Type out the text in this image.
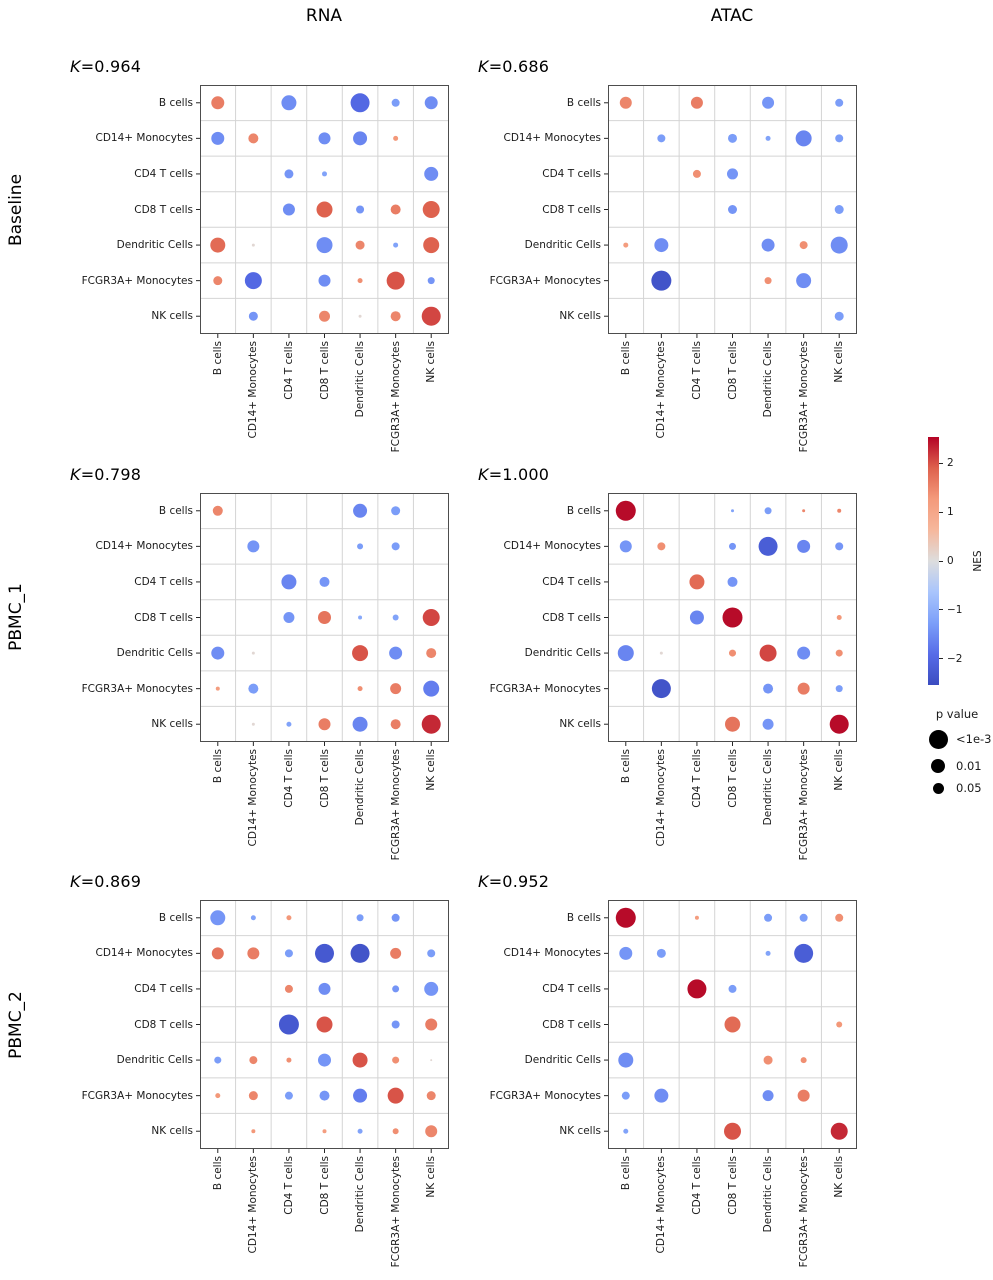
RNA	ATAC
Baseline
PBMC_1
PBMC_2
K=0.964
B cells
CD14+ Monocytes
CD4 T cells
CD8 T cells
Dendritic Cells
FCGR3A+ Monocytes
NK cells
B cells CD14+ Monocytes CD4 T cells CD8 T cells Dendritic Cells FCGR3A+ Monocytes NK cells
K=0.686
B cells
CD14+ Monocytes
CD4 T cells
CD8 T cells
Dendritic Cells
FCGR3A+ Monocytes
NK cells
B cells CD14+ Monocytes CD4 T cells CD8 T cells Dendritic Cells FCGR3A+ Monocytes NK cells
K=0.798
B cells
CD14+ Monocytes
CD4 T cells
CD8 T cells
Dendritic Cells
FCGR3A+ Monocytes
NK cells
B cells CD14+ Monocytes CD4 T cells CD8 T cells Dendritic Cells FCGR3A+ Monocytes NK cells
K=1.000
B cells
CD14+ Monocytes
CD4 T cells
CD8 T cells
Dendritic Cells
FCGR3A+ Monocytes
NK cells
B cells CD14+ Monocytes CD4 T cells CD8 T cells Dendritic Cells FCGR3A+ Monocytes NK cells
K=0.869
B cells
CD14+ Monocytes
CD4 T cells
CD8 T cells
Dendritic Cells
FCGR3A+ Monocytes
NK cells
B cells CD14+ Monocytes CD4 T cells CD8 T cells Dendritic Cells FCGR3A+ Monocytes NK cells
K=0.952
B cells
CD14+ Monocytes
CD4 T cells
CD8 T cells
Dendritic Cells
FCGR3A+ Monocytes
NK cells
B cells CD14+ Monocytes CD4 T cells CD8 T cells Dendritic Cells FCGR3A+ Monocytes NK cells
2
1
0
−1
−2
NES
p value
<1e-3
0.01
0.05
